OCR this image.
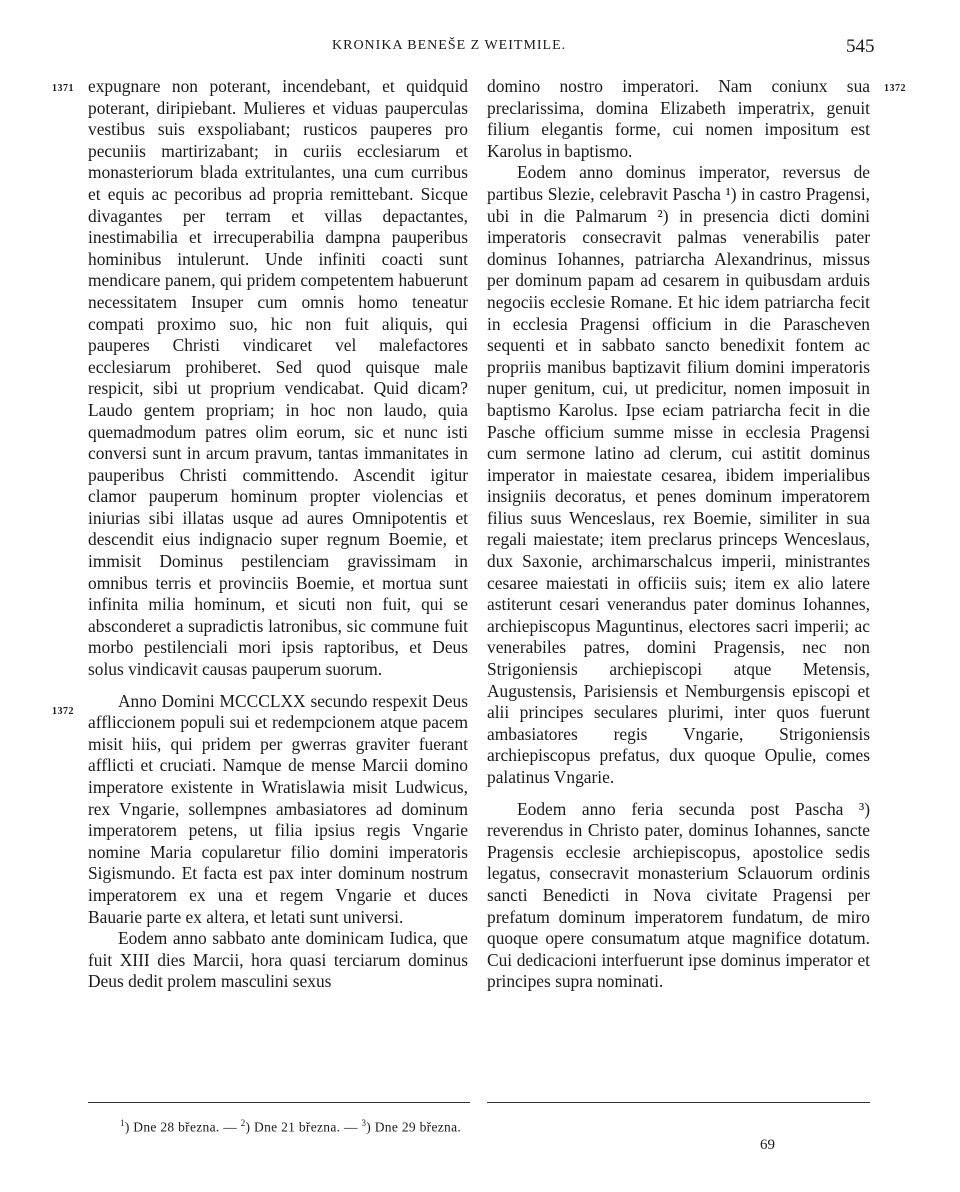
KRONIKA BENEŠE Z WEITMILE.	545
1371
1372
1372

expugnare non poterant, incendebant, et quidquid poterant, diripiebant. Mulieres et viduas pauperculas vestibus suis exspoliabant; rusticos pauperes pro pecuniis martirizabant; in curiis ecclesiarum et monasteriorum blada extritulantes, una cum curribus et equis ac pecoribus ad propria remittebant. Sicque divagantes per terram et villas depactantes, inestimabilia et irrecuperabilia dampna pauperibus hominibus intulerunt. Unde infiniti coacti sunt mendicare panem, qui pridem competentem habuerunt necessitatem Insuper cum omnis homo teneatur compati proximo suo, hic non fuit aliquis, qui pauperes Christi vindicaret vel malefactores ecclesiarum prohiberet. Sed quod quisque male respicit, sibi ut proprium vendicabat. Quid dicam? Laudo gentem propriam; in hoc non laudo, quia quemadmodum patres olim eorum, sic et nunc isti conversi sunt in arcum pravum, tantas immanitates in pauperibus Christi committendo. Ascendit igitur clamor pauperum hominum propter violencias et iniurias sibi illatas usque ad aures Omnipotentis et descendit eius indignacio super regnum Boemie, et immisit Dominus pestilenciam gravissimam in omnibus terris et provinciis Boemie, et mortua sunt infinita milia hominum, et sicuti non fuit, qui se absconderet a supradictis latronibus, sic commune fuit morbo pestilenciali mori ipsis raptoribus, et Deus solus vindicavit causas pauperum suorum.

Anno Domini MCCCLXX secundo respexit Deus affliccionem populi sui et redempcionem atque pacem misit hiis, qui pridem per gwerras graviter fuerant afflicti et cruciati. Namque de mense Marcii domino imperatore existente in Wratislawia misit Ludwicus, rex Vngarie, sollempnes ambasiatores ad dominum imperatorem petens, ut filia ipsius regis Vngarie nomine Maria copularetur filio domini imperatoris Sigismundo. Et facta est pax inter dominum nostrum imperatorem ex una et regem Vngarie et duces Bauarie parte ex altera, et letati sunt universi.

Eodem anno sabbato ante dominicam Iudica, que fuit XIII dies Marcii, hora quasi terciarum dominus Deus dedit prolem masculini sexus

domino nostro imperatori. Nam coniunx sua preclarissima, domina Elizabeth imperatrix, genuit filium elegantis forme, cui nomen impositum est Karolus in baptismo.

Eodem anno dominus imperator, reversus de partibus Slezie, celebravit Pascha ¹) in castro Pragensi, ubi in die Palmarum ²) in presencia dicti domini imperatoris consecravit palmas venerabilis pater dominus Iohannes, patriarcha Alexandrinus, missus per dominum papam ad cesarem in quibusdam arduis negociis ecclesie Romane. Et hic idem patriarcha fecit in ecclesia Pragensi officium in die Parascheven sequenti et in sabbato sancto benedixit fontem ac propriis manibus baptizavit filium domini imperatoris nuper genitum, cui, ut predicitur, nomen imposuit in baptismo Karolus. Ipse eciam patriarcha fecit in die Pasche officium summe misse in ecclesia Pragensi cum sermone latino ad clerum, cui astitit dominus imperator in maiestate cesarea, ibidem imperialibus insigniis decoratus, et penes dominum imperatorem filius suus Wenceslaus, rex Boemie, similiter in sua regali maiestate; item preclarus princeps Wenceslaus, dux Saxonie, archimarschalcus imperii, ministrantes cesaree maiestati in officiis suis; item ex alio latere astiterunt cesari venerandus pater dominus Iohannes, archiepiscopus Maguntinus, electores sacri imperii; ac venerabiles patres, domini Pragensis, nec non Strigoniensis archiepiscopi atque Metensis, Augustensis, Parisiensis et Nemburgensis episcopi et alii principes seculares plurimi, inter quos fuerunt ambasiatores regis Vngarie, Strigoniensis archiepiscopus prefatus, dux quoque Opulie, comes palatinus Vngarie.

Eodem anno feria secunda post Pascha ³) reverendus in Christo pater, dominus Iohannes, sancte Pragensis ecclesie archiepiscopus, apostolice sedis legatus, consecravit monasterium Sclauorum ordinis sancti Benedicti in Nova civitate Pragensi per prefatum dominum imperatorem fundatum, de miro quoque opere consumatum atque magnifice dotatum. Cui dedicacioni interfuerunt ipse dominus imperator et principes supra nominati.

$^1$) Dne 28 března. — $^2$) Dne 21 března. — $^3$) Dne 29 března.
69
